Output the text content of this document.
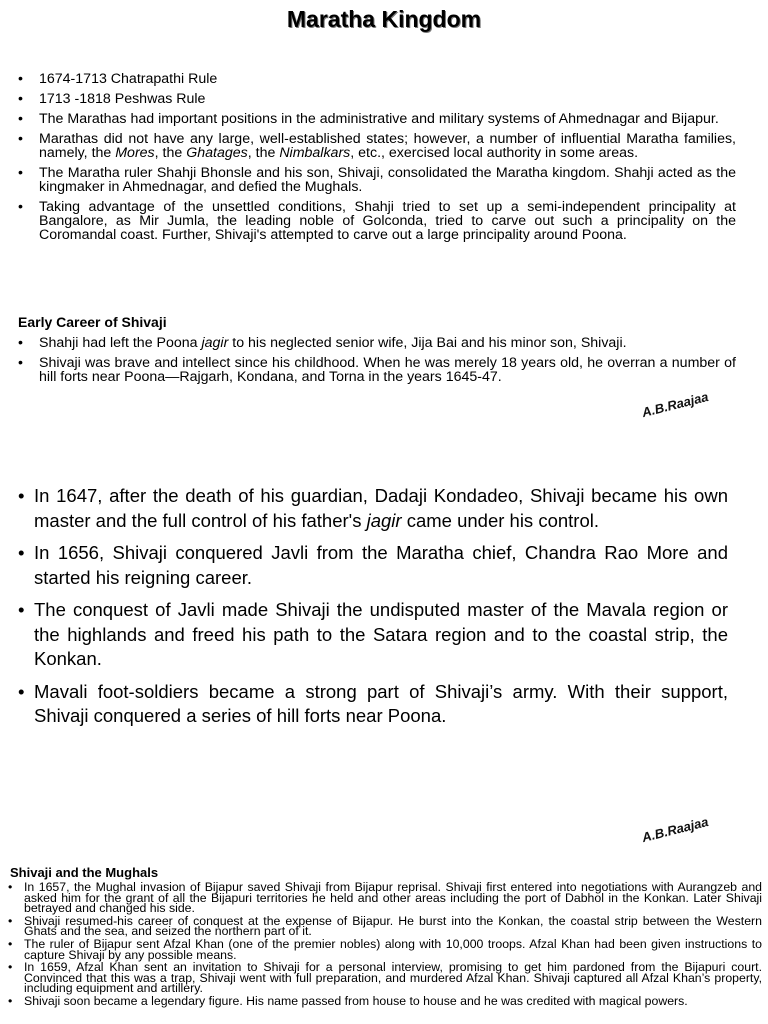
Maratha Kingdom
• 1674-1713 Chatrapathi Rule
• 1713 -1818 Peshwas Rule
• The Marathas had important positions in the administrative and military systems of Ahmednagar and Bijapur.
• Marathas did not have any large, well-established states; however, a number of influential Maratha families, namely, the Mores, the Ghatages, the Nimbalkars, etc., exercised local authority in some areas.
• The Maratha ruler Shahji Bhonsle and his son, Shivaji, consolidated the Maratha kingdom. Shahji acted as the kingmaker in Ahmednagar, and defied the Mughals.
• Taking advantage of the unsettled conditions, Shahji tried to set up a semi-independent principality at Bangalore, as Mir Jumla, the leading noble of Golconda, tried to carve out such a principality on the Coromandal coast. Further, Shivaji's attempted to carve out a large principality around Poona.
Early Career of Shivaji
• Shahji had left the Poona jagir to his neglected senior wife, Jija Bai and his minor son, Shivaji.
• Shivaji was brave and intellect since his childhood. When he was merely 18 years old, he overran a number of hill forts near Poona—Rajgarh, Kondana, and Torna in the years 1645-47.
A.B.Raajaa
• In 1647, after the death of his guardian, Dadaji Kondadeo, Shivaji became his own master and the full control of his father's jagir came under his control.
• In 1656, Shivaji conquered Javli from the Maratha chief, Chandra Rao More and started his reigning career.
• The conquest of Javli made Shivaji the undisputed master of the Mavala region or the highlands and freed his path to the Satara region and to the coastal strip, the Konkan.
• Mavali foot-soldiers became a strong part of Shivaji’s army. With their support, Shivaji conquered a series of hill forts near Poona.
A.B.Raajaa
Shivaji and the Mughals
• In 1657, the Mughal invasion of Bijapur saved Shivaji from Bijapur reprisal. Shivaji first entered into negotiations with Aurangzeb and asked him for the grant of all the Bijapuri territories he held and other areas including the port of Dabhol in the Konkan. Later Shivaji betrayed and changed his side.
• Shivaji resumed-his career of conquest at the expense of Bijapur. He burst into the Konkan, the coastal strip between the Western Ghats and the sea, and seized the northern part of it.
• The ruler of Bijapur sent Afzal Khan (one of the premier nobles) along with 10,000 troops. Afzal Khan had been given instructions to capture Shivaji by any possible means.
• In 1659, Afzal Khan sent an invitation to Shivaji for a personal interview, promising to get him pardoned from the Bijapuri court. Convinced that this was a trap, Shivaji went with full preparation, and murdered Afzal Khan. Shivaji captured all Afzal Khan’s property, including equipment and artillery.
• Shivaji soon became a legendary figure. His name passed from house to house and he was credited with magical powers.
